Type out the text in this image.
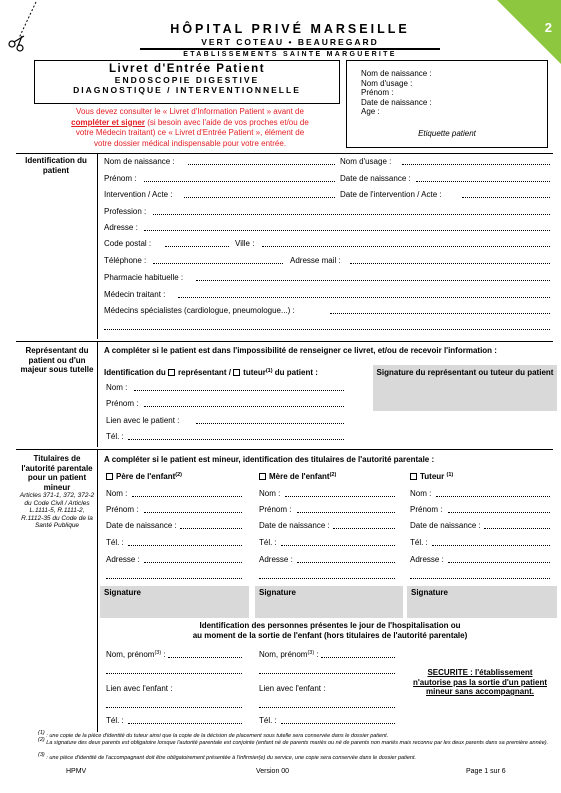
2
HÔPITAL PRIVÉ MARSEILLE
VERT COTEAU • BEAUREGARD
ETABLISSEMENTS SAINTE MARGUERITE
Livret d'Entrée Patient
ENDOSCOPIE DIGESTIVE
DIAGNOSTIQUE / INTERVENTIONNELLE
Nom de naissance :
Nom d'usage :
Prénom :
Date de naissance :
Age :
Etiquette patient
Vous devez consulter le « Livret d'Information Patient » avant de
compléter et signer (si besoin avec l'aide de vos proches et/ou de
votre Médecin traitant) ce « Livret d'Entrée Patient », élément de
votre dossier médical indispensable pour votre entrée.
Identification du patient
Nom de naissance :	Nom d'usage :
Prénom :	Date de naissance :
Intervention / Acte :	Date de l'intervention / Acte :
Profession :
Adresse :
Code postal :	Ville :
Téléphone :	Adresse mail :
Pharmacie habituelle :
Médecin traitant :
Médecins spécialistes (cardiologue, pneumologue...) :
Représentant du patient ou d'un majeur sous tutelle
A compléter si le patient est dans l'impossibilité de renseigner ce livret, et/ou de recevoir l'information :
Identification du représentant / tuteur$^{(1)}$ du patient :
Nom :
Prénom :
Lien avec le patient :
Tél. :
Signature du représentant ou tuteur du patient
Titulaires de l'autorité parentale pour un patient mineur
Articles 371-1, 372, 372-2 du Code Civil / Articles L.1111-5, R.1111-2, R.1112-35 du Code de la Santé Publique
A compléter si le patient est mineur, identification des titulaires de l'autorité parentale :
Père de l'enfant$^{(2)}$
Nom :
Prénom :
Date de naissance :
Tél. :
Adresse :
Signature
Mère de l'enfant$^{(2)}$
Nom :
Prénom :
Date de naissance :
Tél. :
Adresse :
Signature
Tuteur $^{(1)}$
Nom :
Prénom :
Date de naissance :
Tél. :
Adresse :
Signature
Identification des personnes présentes le jour de l'hospitalisation ou
au moment de la sortie de l'enfant (hors titulaires de l'autorité parentale)
Nom, prénom$^{(3)}$ :
Lien avec l'enfant :
Tél. :
Nom, prénom$^{(3)}$ :
Lien avec l'enfant :
Tél. :
SECURITE : l'établissement n'autorise pas la sortie d'un patient mineur sans accompagnant.
(1) : une copie de la pièce d'identité du tuteur ainsi que la copie de la décision de placement sous tutelle sera conservée dans le dossier patient.
(2) La signature des deux parents est obligatoire lorsque l'autorité parentale est conjointe (enfant né de parents mariés ou né de parents non mariés mais reconnu par les deux parents dans sa première année).
(3) : une pièce d'identité de l'accompagnant doit être obligatoirement présentée à l'infirmier(e) du service, une copie sera conservée dans le dossier patient.
HPMV	Version 00	Page 1 sur 6
